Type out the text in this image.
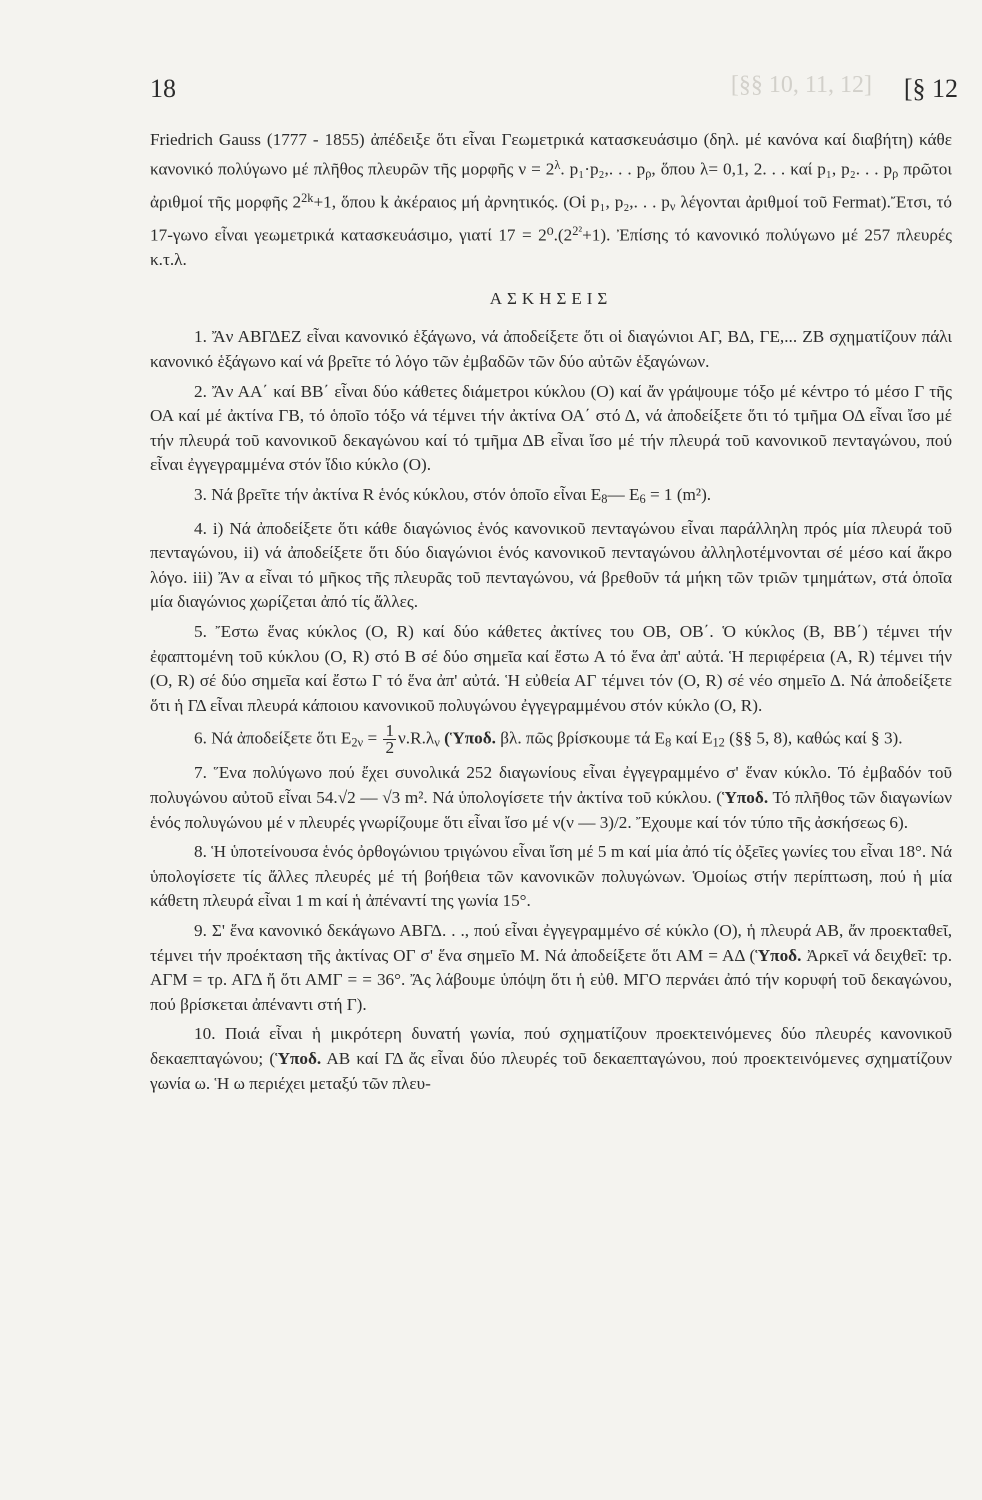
[§§ 10, 11, 12]
18	[§ 12

Friedrich Gauss (1777 - 1855) ἀπέδειξε ὅτι εἶναι Γεωμετρικά κατασκευάσιμο (δηλ. μέ κανόνα καί διαβήτη) κάθε κανονικό πολύγωνο μέ πλῆθος πλευρῶν τῆς μορφῆς $\nu = 2^\lambda$. p₁·p₂,. . . $p_\rho$, ὅπου λ= 0,1, 2. . . καί p₁, p₂. . . $p_\rho$ πρῶτοι ἀριθμοί τῆς μορφῆς $2^{2k}+1$, ὅπου k ἀκέραιος μή ἀρνητικός. (Οἱ p₁, p₂,. . . $p_\nu$ λέγονται ἀριθμοί τοῦ Fermat).Ἔτσι, τό 17-γωνο εἶναι γεωμετρικά κατασκευάσιμο, γιατί $17 = 2^0.(2^{2^2}+1)$. Ἐπίσης τό κανονικό πολύγωνο μέ 257 πλευρές κ.τ.λ.

ΑΣΚΗΣΕΙΣ

1. Ἄν ΑΒΓΔΕΖ εἶναι κανονικό ἑξάγωνο, νά ἀποδείξετε ὅτι οἱ διαγώνιοι ΑΓ, ΒΔ, ΓΕ,... ΖΒ σχηματίζουν πάλι κανονικό ἑξάγωνο καί νά βρεῖτε τό λόγο τῶν ἐμβαδῶν τῶν δύο αὐτῶν ἑξαγώνων.

2. Ἄν ΑΑ΄ καί ΒΒ΄ εἶναι δύο κάθετες διάμετροι κύκλου (Ο) καί ἄν γράψουμε τόξο μέ κέντρο τό μέσο Γ τῆς ΟΑ καί μέ ἀκτίνα ΓΒ, τό ὁποῖο τόξο νά τέμνει τήν ἀκτίνα ΟΑ΄ στό Δ, νά ἀποδείξετε ὅτι τό τμῆμα ΟΔ εἶναι ἴσο μέ τήν πλευρά τοῦ κανονικοῦ δεκαγώνου καί τό τμῆμα ΔΒ εἶναι ἴσο μέ τήν πλευρά τοῦ κανονικοῦ πενταγώνου, πού εἶναι ἐγγεγραμμένα στόν ἴδιο κύκλο (Ο).

3. Νά βρεῖτε τήν ἀκτίνα R ἑνός κύκλου, στόν ὁποῖο εἶναι $E_8—$ $E_6 = 1$ (m²).

4. i) Νά ἀποδείξετε ὅτι κάθε διαγώνιος ἑνός κανονικοῦ πενταγώνου εἶναι παράλληλη πρός μία πλευρά τοῦ πενταγώνου, ii) νά ἀποδείξετε ὅτι δύο διαγώνιοι ἑνός κανονικοῦ πενταγώνου ἀλληλοτέμνονται σέ μέσο καί ἄκρο λόγο. iii) Ἄν α εἶναι τό μῆκος τῆς πλευρᾶς τοῦ πενταγώνου, νά βρεθοῦν τά μήκη τῶν τριῶν τμημάτων, στά ὁποῖα μία διαγώνιος χωρίζεται ἀπό τίς ἄλλες.

5. Ἔστω ἕνας κύκλος (Ο, R) καί δύο κάθετες ἀκτίνες του ΟΒ, ΟΒ΄. Ὁ κύκλος (Β, ΒΒ΄) τέμνει τήν ἐφαπτομένη τοῦ κύκλου (Ο, R) στό Β σέ δύο σημεῖα καί ἔστω Α τό ἕνα ἀπ' αὐτά. Ἡ περιφέρεια (Α, R) τέμνει τήν (Ο, R) σέ δύο σημεῖα καί ἔστω Γ τό ἕνα ἀπ' αὐτά. Ἡ εὐθεία ΑΓ τέμνει τόν (Ο, R) σέ νέο σημεῖο Δ. Νά ἀποδείξετε ὅτι ἡ ΓΔ εἶναι πλευρά κάποιου κανονικοῦ πολυγώνου ἐγγεγραμμένου στόν κύκλο (Ο, R).

6. Νά ἀποδείξετε ὅτι $E_{2\nu} = \frac{1}{2} \nu.R.\lambda_\nu$ (Ὑποδ. βλ. πῶς βρίσκουμε τά $E_8$ καί $E_{12}$ (§§ 5, 8), καθώς καί § 3).

7. Ἕνα πολύγωνο πού ἔχει συνολικά 252 διαγωνίους εἶναι ἐγγεγραμμένο σ' ἕναν κύκλο. Τό ἐμβαδόν τοῦ πολυγώνου αὐτοῦ εἶναι 54.√2 — √3 m². Νά ὑπολογίσετε τήν ἀκτίνα τοῦ κύκλου. (Ὑποδ. Τό πλῆθος τῶν διαγωνίων ἑνός πολυγώνου μέ ν πλευρές γνωρίζουμε ὅτι εἶναι ἴσο μέ ν(ν — 3)/2. Ἔχουμε καί τόν τύπο τῆς ἀσκήσεως 6).

8. Ἡ ὑποτείνουσα ἑνός ὀρθογώνιου τριγώνου εἶναι ἴση μέ 5 m καί μία ἀπό τίς ὀξεῖες γωνίες του εἶναι 18°. Νά ὑπολογίσετε τίς ἄλλες πλευρές μέ τή βοήθεια τῶν κανονικῶν πολυγώνων. Ὁμοίως στήν περίπτωση, πού ἡ μία κάθετη πλευρά εἶναι 1 m καί ἡ ἀπέναντί της γωνία 15°.

9. Σ' ἕνα κανονικό δεκάγωνο ΑΒΓΔ. . ., πού εἶναι ἐγγεγραμμένο σέ κύκλο (Ο), ἡ πλευρά ΑΒ, ἄν προεκταθεῖ, τέμνει τήν προέκταση τῆς ἀκτίνας ΟΓ σ' ἕνα σημεῖο Μ. Νά ἀποδείξετε ὅτι ΑΜ = ΑΔ (Ὑποδ. Ἀρκεῖ νά δειχθεῖ: τρ. ΑΓΜ = τρ. ΑΓΔ ἤ ὅτι ΑΜΓ = = 36°. Ἄς λάβουμε ὑπόψη ὅτι ἡ εὐθ. ΜΓΟ περνάει ἀπό τήν κορυφή τοῦ δεκαγώνου, πού βρίσκεται ἀπέναντι στή Γ).

10. Ποιά εἶναι ἡ μικρότερη δυνατή γωνία, πού σχηματίζουν προεκτεινόμενες δύο πλευρές κανονικοῦ δεκαεπταγώνου; (Ὑποδ. ΑΒ καί ΓΔ ἄς εἶναι δύο πλευρές τοῦ δεκαεπταγώνου, πού προεκτεινόμενες σχηματίζουν γωνία ω. Ἡ ω περιέχει μεταξύ τῶν πλευ-
